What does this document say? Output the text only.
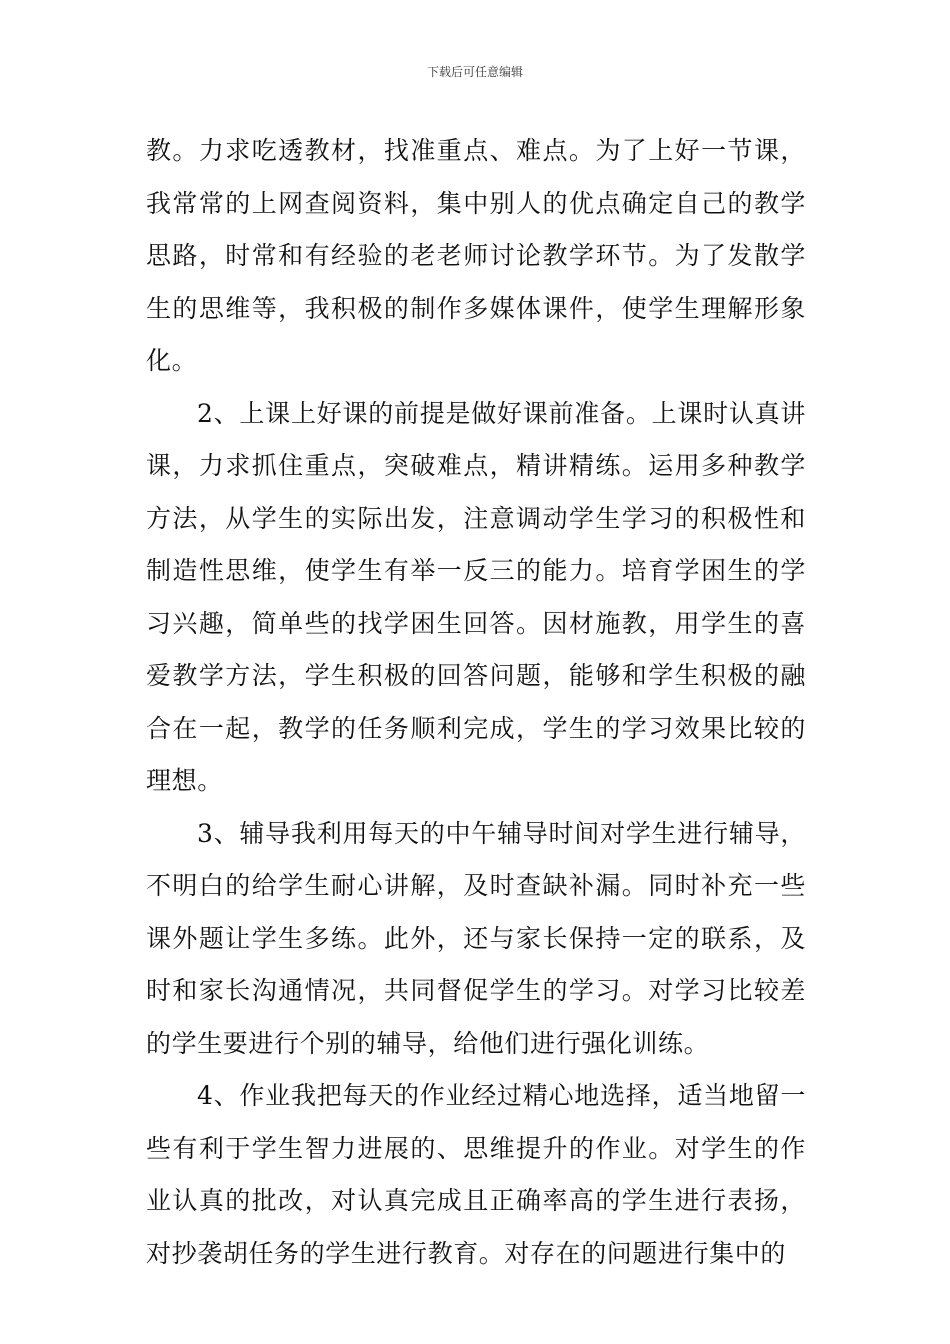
下载后可任意编辑

教。力求吃透教材，找准重点、难点。为了上好一节课，我常常的上网查阅资料，集中别人的优点确定自己的教学思路，时常和有经验的老老师讨论教学环节。为了发散学生的思维等，我积极的制作多媒体课件，使学生理解形象化。

2、上课上好课的前提是做好课前准备。上课时认真讲课，力求抓住重点，突破难点，精讲精练。运用多种教学方法，从学生的实际出发，注意调动学生学习的积极性和制造性思维，使学生有举一反三的能力。培育学困生的学习兴趣，简单些的找学困生回答。因材施教，用学生的喜爱教学方法，学生积极的回答问题，能够和学生积极的融合在一起，教学的任务顺利完成，学生的学习效果比较的理想。

3、辅导我利用每天的中午辅导时间对学生进行辅导，不明白的给学生耐心讲解，及时查缺补漏。同时补充一些课外题让学生多练。此外，还与家长保持一定的联系，及时和家长沟通情况，共同督促学生的学习。对学习比较差的学生要进行个别的辅导，给他们进行强化训练。

4、作业我把每天的作业经过精心地选择，适当地留一些有利于学生智力进展的、思维提升的作业。对学生的作业认真的批改，对认真完成且正确率高的学生进行表扬，对抄袭胡任务的学生进行教育。对存在的问题进行集中的
